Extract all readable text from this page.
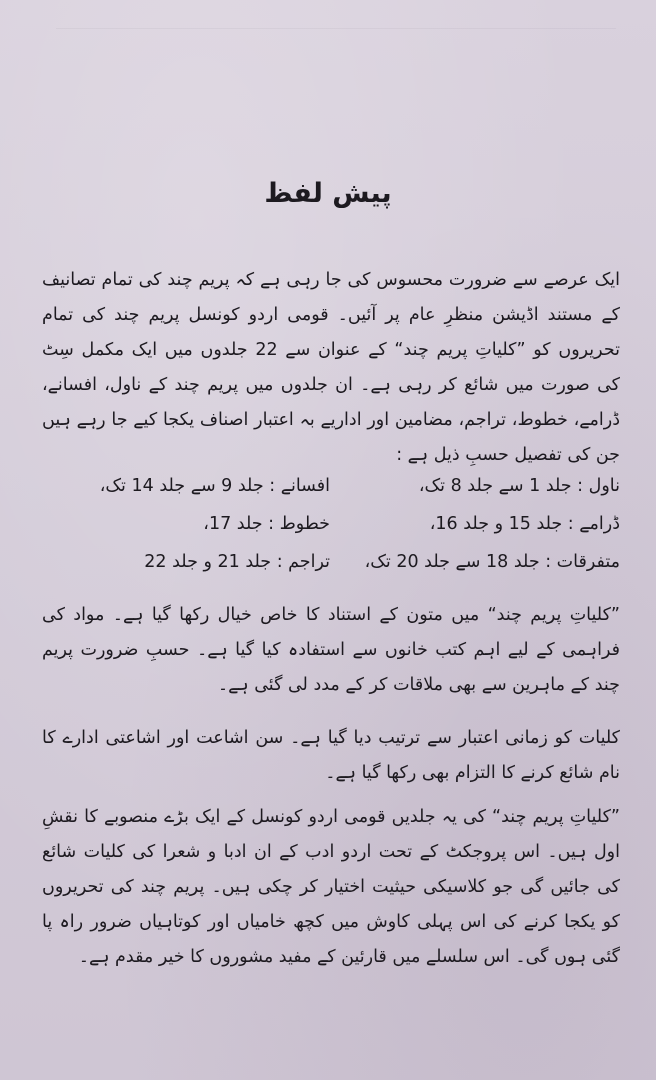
پیش لفظ
ایک عرصے سے ضرورت محسوس کی جا رہی ہے کہ پریم چند کی تمام تصانیف کے مستند اڈیشن منظرِ عام پر آئیں۔ قومی اردو کونسل پریم چند کی تمام تحریروں کو ”کلیاتِ پریم چند“ کے عنوان سے 22 جلدوں میں ایک مکمل سِٹ کی صورت میں شائع کر رہی ہے۔ ان جلدوں میں پریم چند کے ناول، افسانے، ڈرامے، خطوط، تراجم، مضامین اور اداریے بہ اعتبار اصناف یکجا کیے جا رہے ہیں جن کی تفصیل حسبِ ذیل ہے :
ناول : جلد 1 سے جلد 8 تک،
افسانے : جلد 9 سے جلد 14 تک،
ڈرامے : جلد 15 و جلد 16،
خطوط : جلد 17،
متفرقات : جلد 18 سے جلد 20 تک،
تراجم : جلد 21 و جلد 22
”کلیاتِ پریم چند“ میں متون کے استناد کا خاص خیال رکھا گیا ہے۔ مواد کی فراہمی کے لیے اہم کتب خانوں سے استفادہ کیا گیا ہے۔ حسبِ ضرورت پریم چند کے ماہرین سے بھی ملاقات کر کے مدد لی گئی ہے۔
کلیات کو زمانی اعتبار سے ترتیب دیا گیا ہے۔ سن اشاعت اور اشاعتی ادارے کا نام شائع کرنے کا التزام بھی رکھا گیا ہے۔
”کلیاتِ پریم چند“ کی یہ جلدیں قومی اردو کونسل کے ایک بڑے منصوبے کا نقشِ اول ہیں۔ اس پروجکٹ کے تحت اردو ادب کے ان ادبا و شعرا کی کلیات شائع کی جائیں گی جو کلاسیکی حیثیت اختیار کر چکی ہیں۔ پریم چند کی تحریروں کو یکجا کرنے کی اس پہلی کاوش میں کچھ خامیاں اور کوتاہیاں ضرور راہ پا گئی ہوں گی۔ اس سلسلے میں قارئین کے مفید مشوروں کا خیر مقدم ہے۔
